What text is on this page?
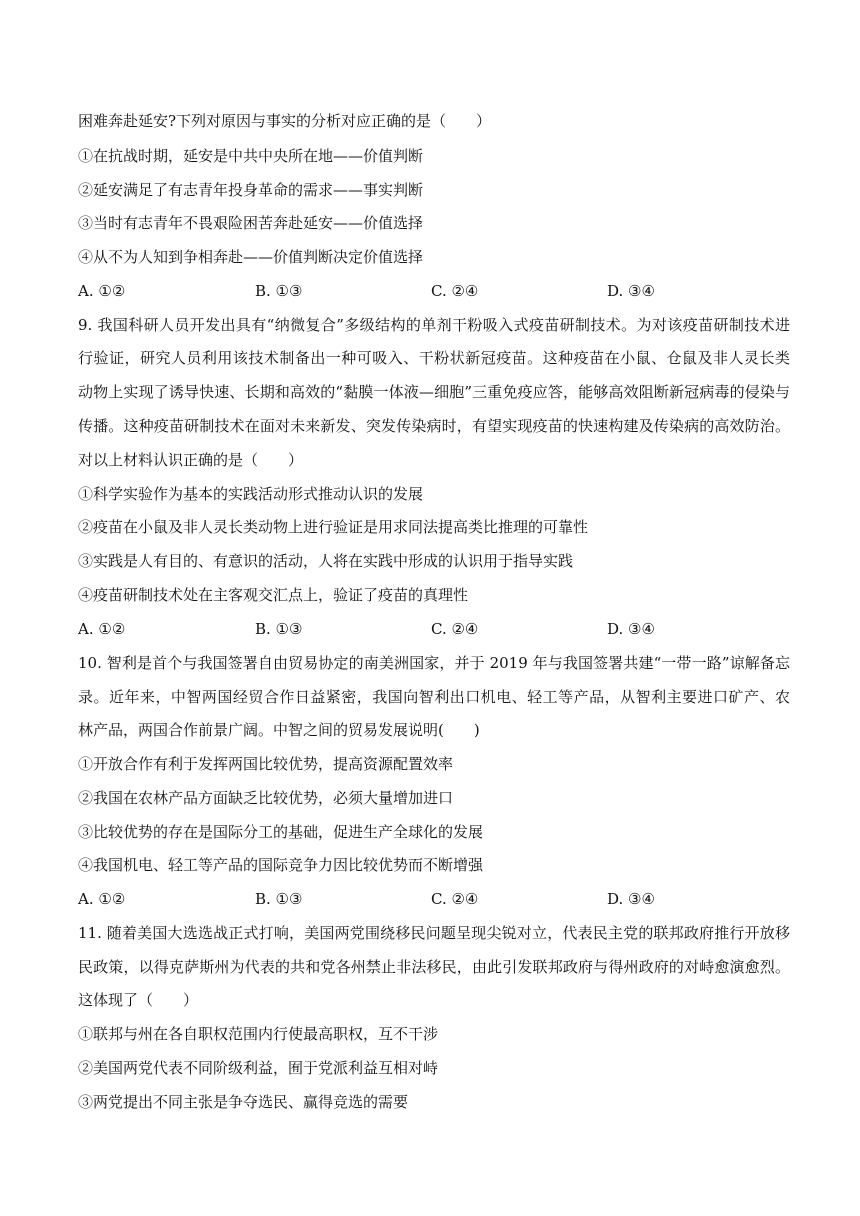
困难奔赴延安?下列对原因与事实的分析对应正确的是（　　）
①在抗战时期，延安是中共中央所在地——价值判断
②延安满足了有志青年投身革命的需求——事实判断
③当时有志青年不畏艰险困苦奔赴延安——价值选择
④从不为人知到争相奔赴——价值判断决定价值选择
A. ①②	B. ①③	C. ②④	D. ③④
9. 我国科研人员开发出具有“纳微复合”多级结构的单剂干粉吸入式疫苗研制技术。为对该疫苗研制技术进
行验证，研究人员利用该技术制备出一种可吸入、干粉状新冠疫苗。这种疫苗在小鼠、仓鼠及非人灵长类
动物上实现了诱导快速、长期和高效的“黏膜一体液—细胞”三重免疫应答，能够高效阻断新冠病毒的侵染与
传播。这种疫苗研制技术在面对未来新发、突发传染病时，有望实现疫苗的快速构建及传染病的高效防治。
对以上材料认识正确的是（　　）
①科学实验作为基本的实践活动形式推动认识的发展
②疫苗在小鼠及非人灵长类动物上进行验证是用求同法提高类比推理的可靠性
③实践是人有目的、有意识的活动，人将在实践中形成的认识用于指导实践
④疫苗研制技术处在主客观交汇点上，验证了疫苗的真理性
A. ①②	B. ①③	C. ②④	D. ③④
10. 智利是首个与我国签署自由贸易协定的南美洲国家，并于 2019 年与我国签署共建“一带一路”谅解备忘
录。近年来，中智两国经贸合作日益紧密，我国向智利出口机电、轻工等产品，从智利主要进口矿产、农
林产品，两国合作前景广阔。中智之间的贸易发展说明(　　)
①开放合作有利于发挥两国比较优势，提高资源配置效率
②我国在农林产品方面缺乏比较优势，必须大量增加进口
③比较优势的存在是国际分工的基础，促进生产全球化的发展
④我国机电、轻工等产品的国际竞争力因比较优势而不断增强
A. ①②	B. ①③	C. ②④	D. ③④
11. 随着美国大选选战正式打响，美国两党围绕移民问题呈现尖锐对立，代表民主党的联邦政府推行开放移
民政策，以得克萨斯州为代表的共和党各州禁止非法移民，由此引发联邦政府与得州政府的对峙愈演愈烈。
这体现了（　　）
①联邦与州在各自职权范围内行使最高职权，互不干涉
②美国两党代表不同阶级利益，囿于党派利益互相对峙
③两党提出不同主张是争夺选民、赢得竞选的需要
